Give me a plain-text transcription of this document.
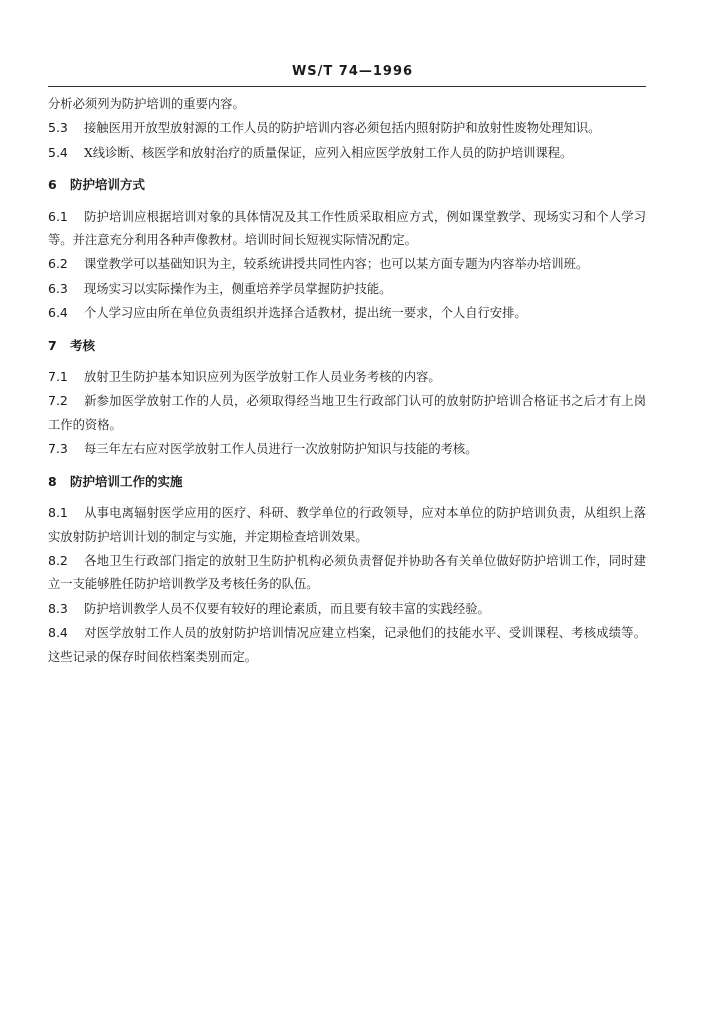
WS/T 74—1996

分析必须列为防护培训的重要内容。

5.3 接触医用开放型放射源的工作人员的防护培训内容必须包括内照射防护和放射性废物处理知识。

5.4 X线诊断、核医学和放射治疗的质量保证，应列入相应医学放射工作人员的防护培训课程。

6 防护培训方式

6.1 防护培训应根据培训对象的具体情况及其工作性质采取相应方式，例如课堂教学、现场实习和个人学习等。并注意充分利用各种声像教材。培训时间长短视实际情况酌定。

6.2 课堂教学可以基础知识为主，较系统讲授共同性内容；也可以某方面专题为内容举办培训班。

6.3 现场实习以实际操作为主，侧重培养学员掌握防护技能。

6.4 个人学习应由所在单位负责组织并选择合适教材，提出统一要求，个人自行安排。

7 考核

7.1 放射卫生防护基本知识应列为医学放射工作人员业务考核的内容。

7.2 新参加医学放射工作的人员，必须取得经当地卫生行政部门认可的放射防护培训合格证书之后才有上岗工作的资格。

7.3 每三年左右应对医学放射工作人员进行一次放射防护知识与技能的考核。

8 防护培训工作的实施

8.1 从事电离辐射医学应用的医疗、科研、教学单位的行政领导，应对本单位的防护培训负责，从组织上落实放射防护培训计划的制定与实施，并定期检查培训效果。

8.2 各地卫生行政部门指定的放射卫生防护机构必须负责督促并协助各有关单位做好防护培训工作，同时建立一支能够胜任防护培训教学及考核任务的队伍。

8.3 防护培训教学人员不仅要有较好的理论素质，而且要有较丰富的实践经验。

8.4 对医学放射工作人员的放射防护培训情况应建立档案，记录他们的技能水平、受训课程、考核成绩等。这些记录的保存时间依档案类别而定。
